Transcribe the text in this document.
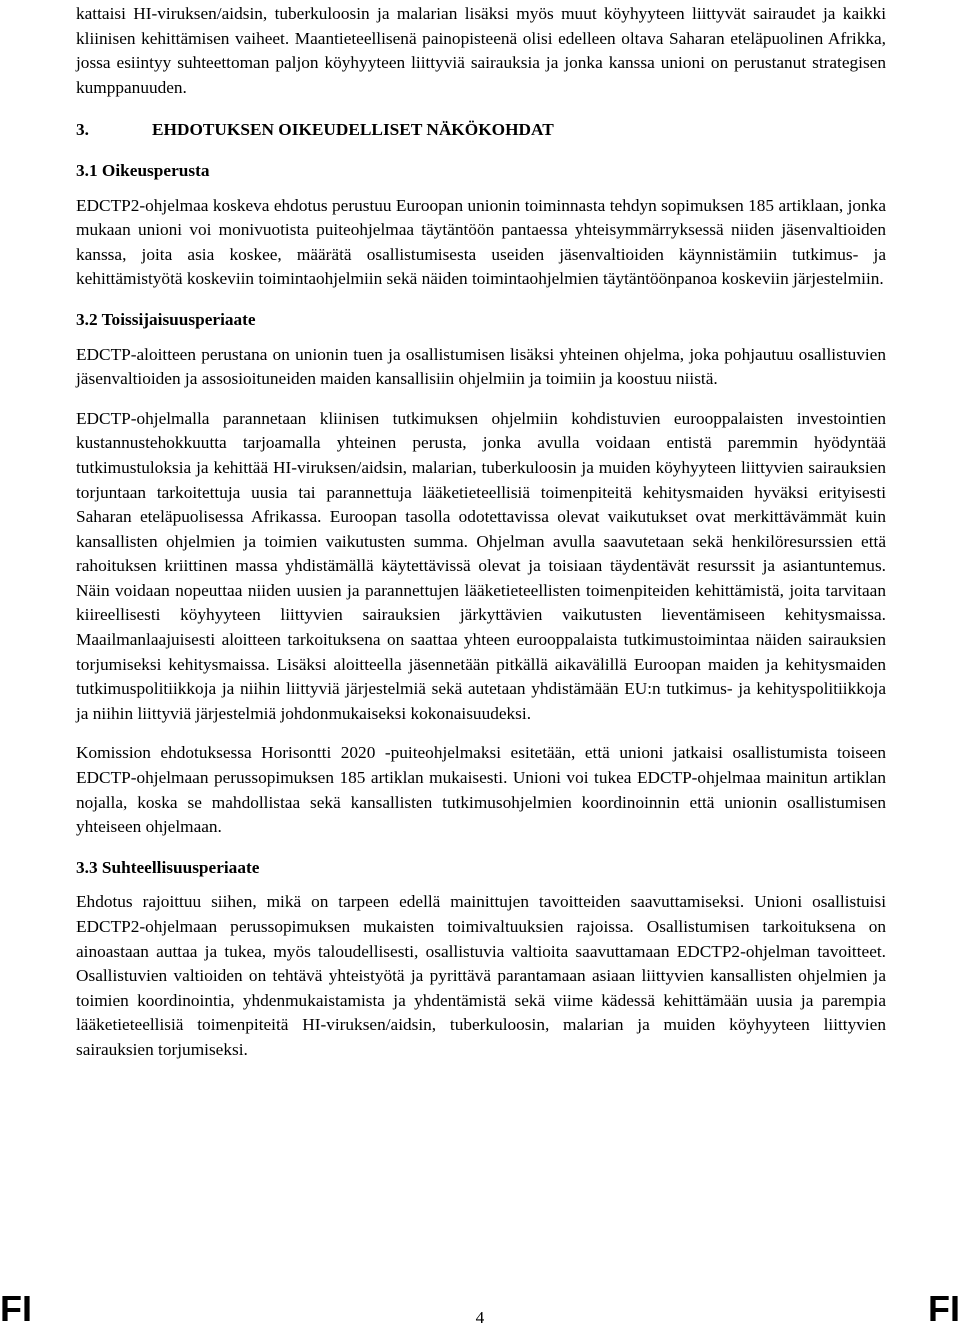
kattaisi HI-viruksen/aidsin, tuberkuloosin ja malarian lisäksi myös muut köyhyyteen liittyvät sairaudet ja kaikki kliinisen kehittämisen vaiheet. Maantieteellisenä painopisteenä olisi edelleen oltava Saharan eteläpuolinen Afrikka, jossa esiintyy suhteettoman paljon köyhyyteen liittyviä sairauksia ja jonka kanssa unioni on perustanut strategisen kumppanuuden.

3.	EHDOTUKSEN OIKEUDELLISET NÄKÖKOHDAT
3.1 Oikeusperusta

EDCTP2-ohjelmaa koskeva ehdotus perustuu Euroopan unionin toiminnasta tehdyn sopimuksen 185 artiklaan, jonka mukaan unioni voi monivuotista puiteohjelmaa täytäntöön pantaessa yhteisymmärryksessä niiden jäsenvaltioiden kanssa, joita asia koskee, määrätä osallistumisesta useiden jäsenvaltioiden käynnistämiin tutkimus- ja kehittämistyötä koskeviin toimintaohjelmiin sekä näiden toimintaohjelmien täytäntöönpanoa koskeviin järjestelmiin.

3.2 Toissijaisuusperiaate

EDCTP-aloitteen perustana on unionin tuen ja osallistumisen lisäksi yhteinen ohjelma, joka pohjautuu osallistuvien jäsenvaltioiden ja assosioituneiden maiden kansallisiin ohjelmiin ja toimiin ja koostuu niistä.

EDCTP-ohjelmalla parannetaan kliinisen tutkimuksen ohjelmiin kohdistuvien eurooppalaisten investointien kustannustehokkuutta tarjoamalla yhteinen perusta, jonka avulla voidaan entistä paremmin hyödyntää tutkimustuloksia ja kehittää HI-viruksen/aidsin, malarian, tuberkuloosin ja muiden köyhyyteen liittyvien sairauksien torjuntaan tarkoitettuja uusia tai parannettuja lääketieteellisiä toimenpiteitä kehitysmaiden hyväksi erityisesti Saharan eteläpuolisessa Afrikassa. Euroopan tasolla odotettavissa olevat vaikutukset ovat merkittävämmät kuin kansallisten ohjelmien ja toimien vaikutusten summa. Ohjelman avulla saavutetaan sekä henkilöresurssien että rahoituksen kriittinen massa yhdistämällä käytettävissä olevat ja toisiaan täydentävät resurssit ja asiantuntemus. Näin voidaan nopeuttaa niiden uusien ja parannettujen lääketieteellisten toimenpiteiden kehittämistä, joita tarvitaan kiireellisesti köyhyyteen liittyvien sairauksien järkyttävien vaikutusten lieventämiseen kehitysmaissa. Maailmanlaajuisesti aloitteen tarkoituksena on saattaa yhteen eurooppalaista tutkimustoimintaa näiden sairauksien torjumiseksi kehitysmaissa. Lisäksi aloitteella jäsennetään pitkällä aikavälillä Euroopan maiden ja kehitysmaiden tutkimuspolitiikkoja ja niihin liittyviä järjestelmiä sekä autetaan yhdistämään EU:n tutkimus- ja kehityspolitiikkoja ja niihin liittyviä järjestelmiä johdonmukaiseksi kokonaisuudeksi.

Komission ehdotuksessa Horisontti 2020 -puiteohjelmaksi esitetään, että unioni jatkaisi osallistumista toiseen EDCTP-ohjelmaan perussopimuksen 185 artiklan mukaisesti. Unioni voi tukea EDCTP-ohjelmaa mainitun artiklan nojalla, koska se mahdollistaa sekä kansallisten tutkimusohjelmien koordinoinnin että unionin osallistumisen yhteiseen ohjelmaan.

3.3 Suhteellisuusperiaate

Ehdotus rajoittuu siihen, mikä on tarpeen edellä mainittujen tavoitteiden saavuttamiseksi. Unioni osallistuisi EDCTP2-ohjelmaan perussopimuksen mukaisten toimivaltuuksien rajoissa. Osallistumisen tarkoituksena on ainoastaan auttaa ja tukea, myös taloudellisesti, osallistuvia valtioita saavuttamaan EDCTP2-ohjelman tavoitteet. Osallistuvien valtioiden on tehtävä yhteistyötä ja pyrittävä parantamaan asiaan liittyvien kansallisten ohjelmien ja toimien koordinointia, yhdenmukaistamista ja yhdentämistä sekä viime kädessä kehittämään uusia ja parempia lääketieteellisiä toimenpiteitä HI-viruksen/aidsin, tuberkuloosin, malarian ja muiden köyhyyteen liittyvien sairauksien torjumiseksi.

FI	4	FI
